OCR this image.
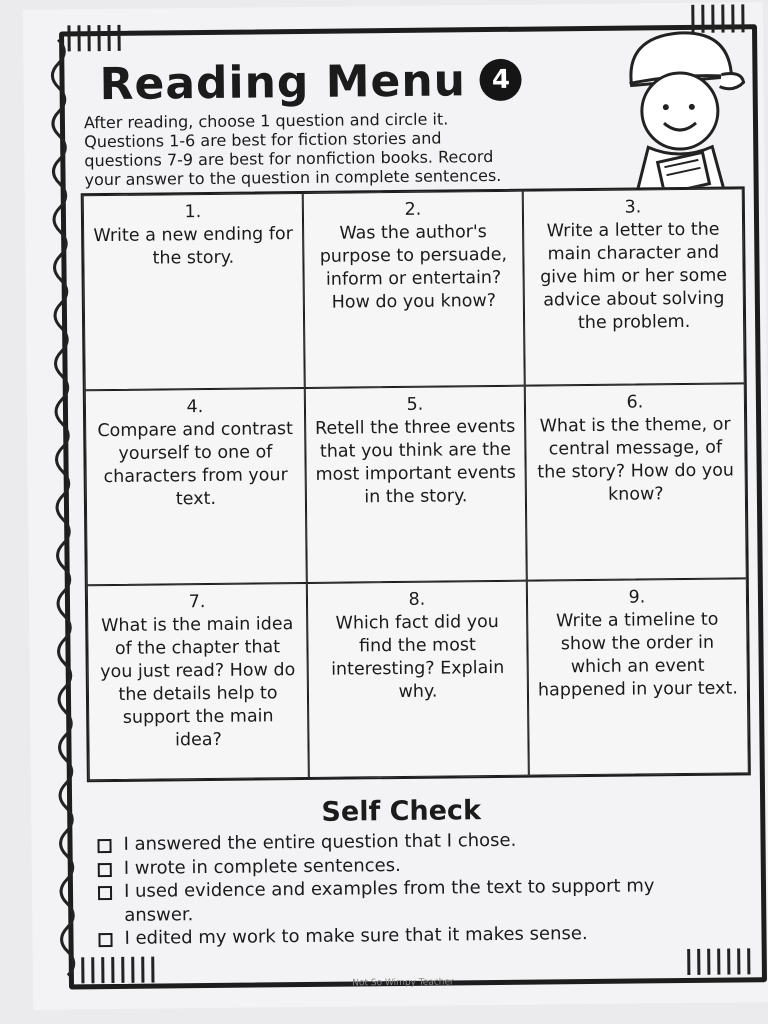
Reading Menu 4

After reading, choose 1 question and circle it.
Questions 1-6 are best for fiction stories and
questions 7-9 are best for nonfiction books. Record
your answer to the question in complete sentences.

1.
Write a new ending for the story.
2.
Was the author's purpose to persuade, inform or entertain? How do you know?
3.
Write a letter to the main character and give him or her some advice about solving the problem.
4.
Compare and contrast yourself to one of characters from your text.
5.
Retell the three events that you think are the most important events in the story.
6.
What is the theme, or central message, of the story? How do you know?
7.
What is the main idea of the chapter that you just read? How do the details help to support the main idea?
8.
Which fact did you find the most interesting? Explain why.
9.
Write a timeline to show the order in which an event happened in your text.
Self Check
I answered the entire question that I chose.
I wrote in complete sentences.
I used evidence and examples from the text to support my answer.
I edited my work to make sure that it makes sense.
Not So Wimpy Teacher
